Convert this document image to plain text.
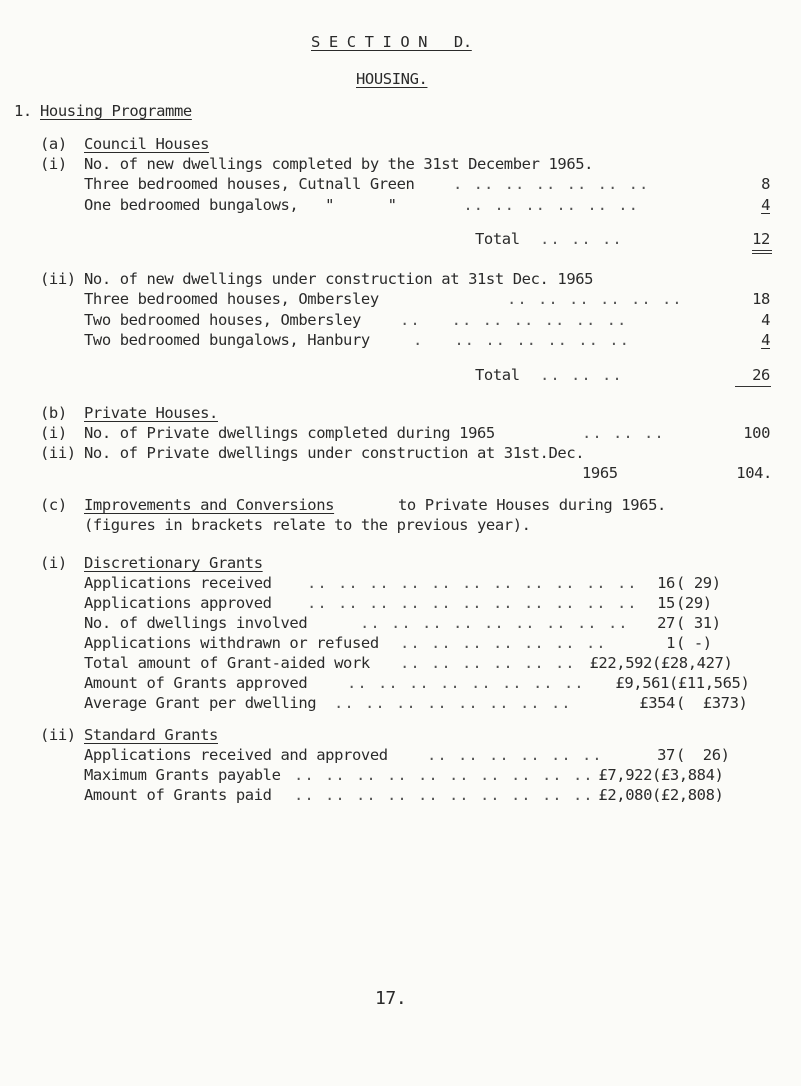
S E C T I O N   D.
HOUSING.
1. Housing Programme
(a) Council Houses
(i) No. of new dwellings completed by the 31st December 1965.
Three bedroomed houses, Cutnall Green . .. .. .. .. .. ..	8
One bedroomed bungalows,   "      "	.. .. .. .. .. ..	4
Total .. .. ..	12
(ii) No. of new dwellings under construction at 31st Dec. 1965
Three bedroomed houses, Ombersley	.. .. .. .. .. ..	18
Two bedroomed houses, Ombersley	..   .. .. .. .. .. ..	4
Two bedroomed bungalows, Hanbury	.   .. .. .. .. .. ..	4
Total .. .. ..	26
(b) Private Houses.
(i) No. of Private dwellings completed during 1965	.. .. ..	100
(ii) No. of Private dwellings under construction at 31st.Dec.
1965	104.
(c) Improvements and Conversions	to Private Houses during 1965.
(figures in brackets relate to the previous year).
(i) Discretionary Grants
Applications received .. .. .. .. .. .. .. .. .. .. ..	16 ( 29)
Applications approved .. .. .. .. .. .. .. .. .. .. ..	15 (29)
No. of dwellings involved	.. .. .. .. .. .. .. .. ..	27 ( 31)
Applications withdrawn or refused .. .. .. .. .. .. ..	1 ( -)
Total amount of Grant-aided work .. .. .. .. .. .. £22,592 (£28,427)
Amount of Grants approved	.. .. .. .. .. .. .. ..	£9,561 (£11,565)
Average Grant per dwelling .. .. .. .. .. .. .. ..	£354 (  £373)
(ii) Standard Grants
Applications received and approved	.. .. .. .. .. ..	37 (  26)
Maximum Grants payable .. .. .. .. .. .. .. .. .. .. £7,922 (£3,884)
Amount of Grants paid .. .. .. .. .. .. .. .. .. .. £2,080 (£2,808)
17.
